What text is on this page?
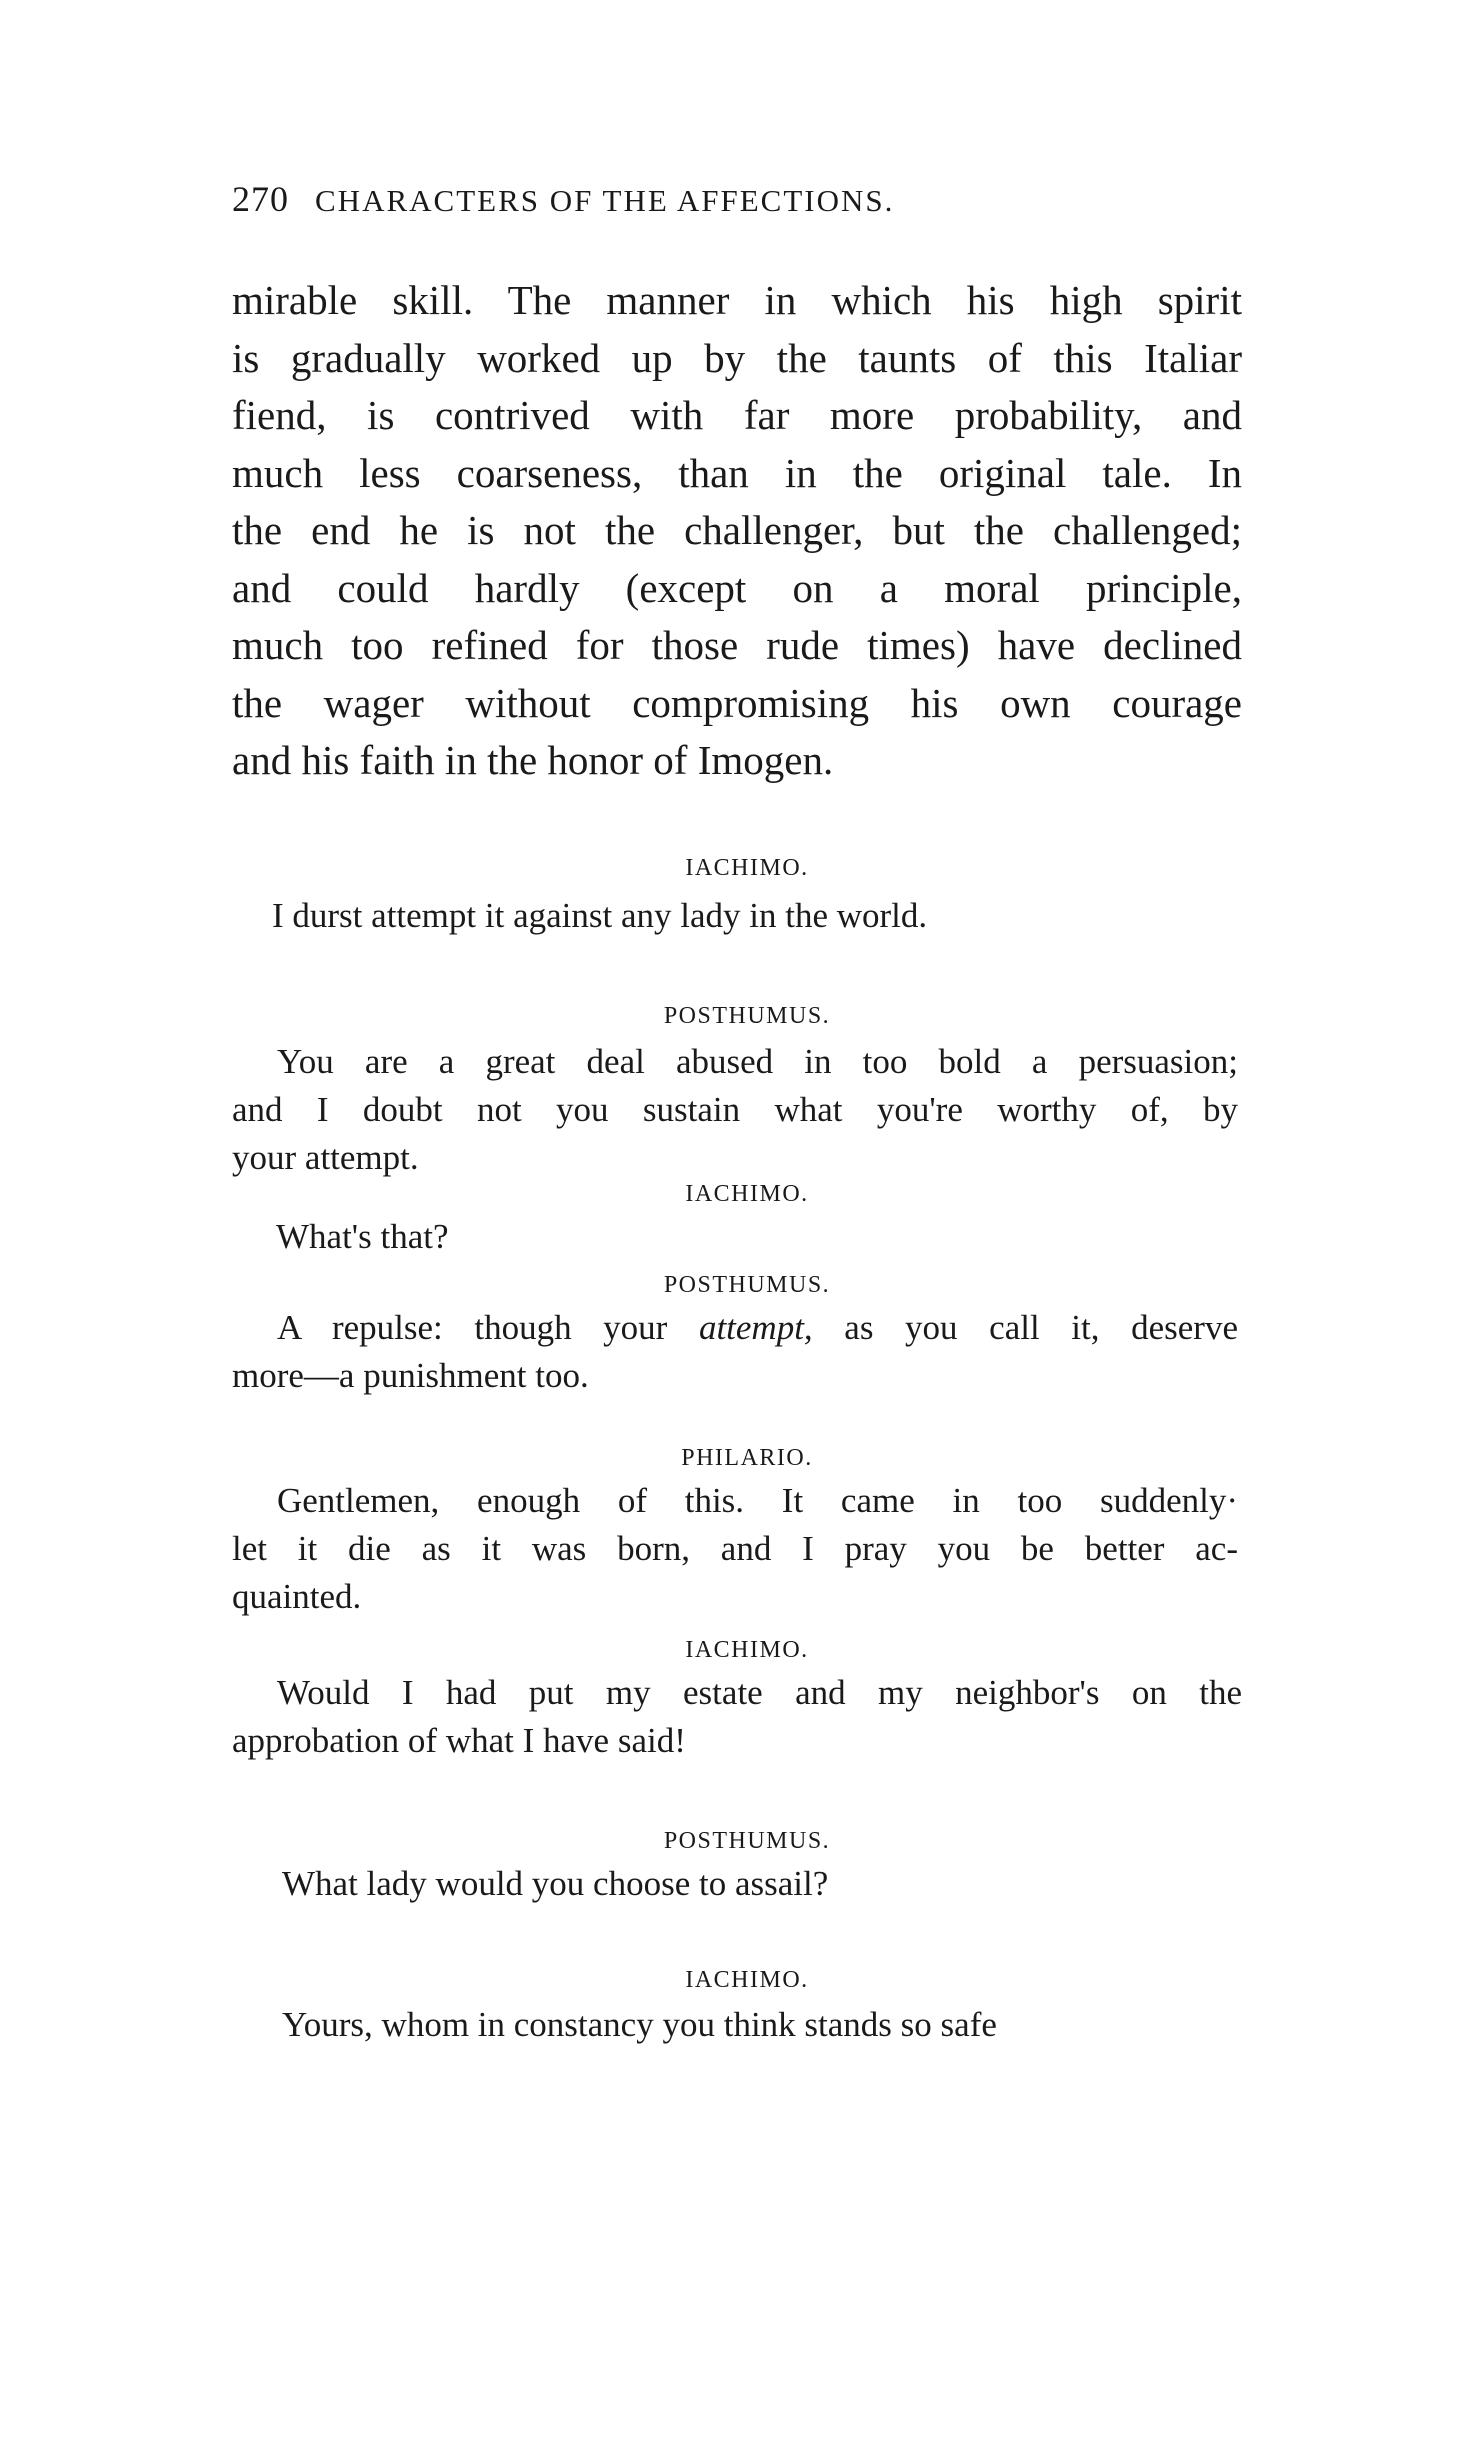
270 CHARACTERS OF THE AFFECTIONS.
mirable skill. The manner in which his high spirit
is gradually worked up by the taunts of this Italiar
fiend, is contrived with far more probability, and
much less coarseness, than in the original tale. In
the end he is not the challenger, but the challenged;
and could hardly (except on a moral principle,
much too refined for those rude times) have declined
the wager without compromising his own courage
and his faith in the honor of Imogen.
IACHIMO.
I durst attempt it against any lady in the world.
POSTHUMUS.
You are a great deal abused in too bold a persuasion;
and I doubt not you sustain what you're worthy of, by
your attempt.
IACHIMO.
What's that?
POSTHUMUS.
A repulse: though your attempt, as you call it, deserve
more—a punishment too.
PHILARIO.
Gentlemen, enough of this. It came in too suddenly·
let it die as it was born, and I pray you be better ac-
quainted.
IACHIMO.
Would I had put my estate and my neighbor's on the
approbation of what I have said!
POSTHUMUS.
What lady would you choose to assail?
IACHIMO.
Yours, whom in constancy you think stands so safe
